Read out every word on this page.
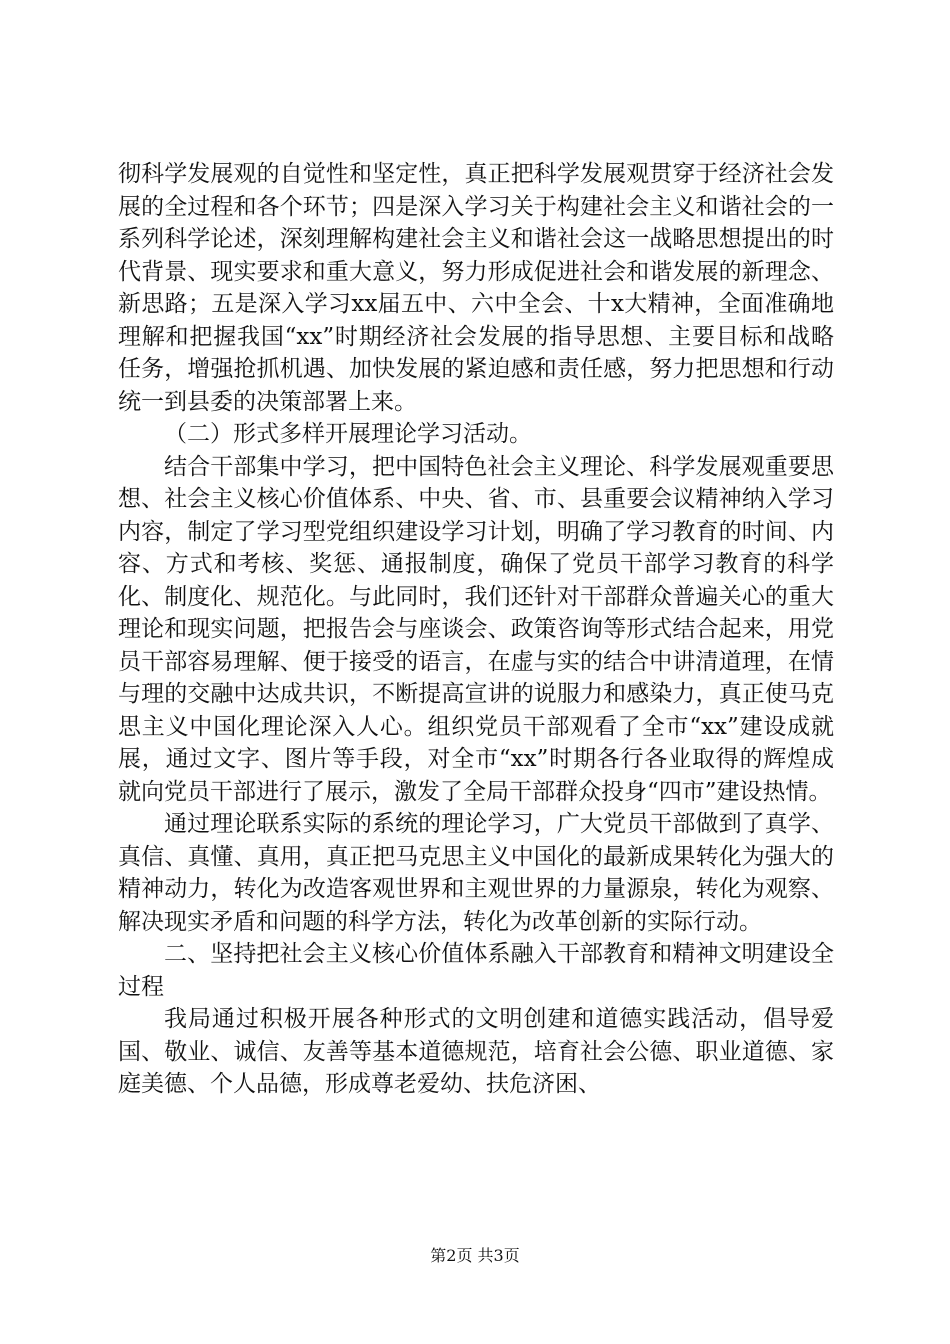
彻科学发展观的自觉性和坚定性，真正把科学发展观贯穿于经济社会发展的全过程和各个环节；四是深入学习关于构建社会主义和谐社会的一系列科学论述，深刻理解构建社会主义和谐社会这一战略思想提出的时代背景、现实要求和重大意义，努力形成促进社会和谐发展的新理念、新思路；五是深入学习xx届五中、六中全会、十x大精神，全面准确地理解和把握我国“xx”时期经济社会发展的指导思想、主要目标和战略任务，增强抢抓机遇、加快发展的紧迫感和责任感，努力把思想和行动统一到县委的决策部署上来。

（二）形式多样开展理论学习活动。

结合干部集中学习，把中国特色社会主义理论、科学发展观重要思想、社会主义核心价值体系、中央、省、市、县重要会议精神纳入学习内容，制定了学习型党组织建设学习计划，明确了学习教育的时间、内容、方式和考核、奖惩、通报制度，确保了党员干部学习教育的科学化、制度化、规范化。与此同时，我们还针对干部群众普遍关心的重大理论和现实问题，把报告会与座谈会、政策咨询等形式结合起来，用党员干部容易理解、便于接受的语言，在虚与实的结合中讲清道理，在情与理的交融中达成共识，不断提高宣讲的说服力和感染力，真正使马克思主义中国化理论深入人心。组织党员干部观看了全市“xx”建设成就展，通过文字、图片等手段，对全市“xx”时期各行各业取得的辉煌成就向党员干部进行了展示，激发了全局干部群众投身“四市”建设热情。

通过理论联系实际的系统的理论学习，广大党员干部做到了真学、真信、真懂、真用，真正把马克思主义中国化的最新成果转化为强大的精神动力，转化为改造客观世界和主观世界的力量源泉，转化为观察、解决现实矛盾和问题的科学方法，转化为改革创新的实际行动。

二、坚持把社会主义核心价值体系融入干部教育和精神文明建设全过程

我局通过积极开展各种形式的文明创建和道德实践活动，倡导爱国、敬业、诚信、友善等基本道德规范，培育社会公德、职业道德、家庭美德、个人品德，形成尊老爱幼、扶危济困、

第2页 共3页
